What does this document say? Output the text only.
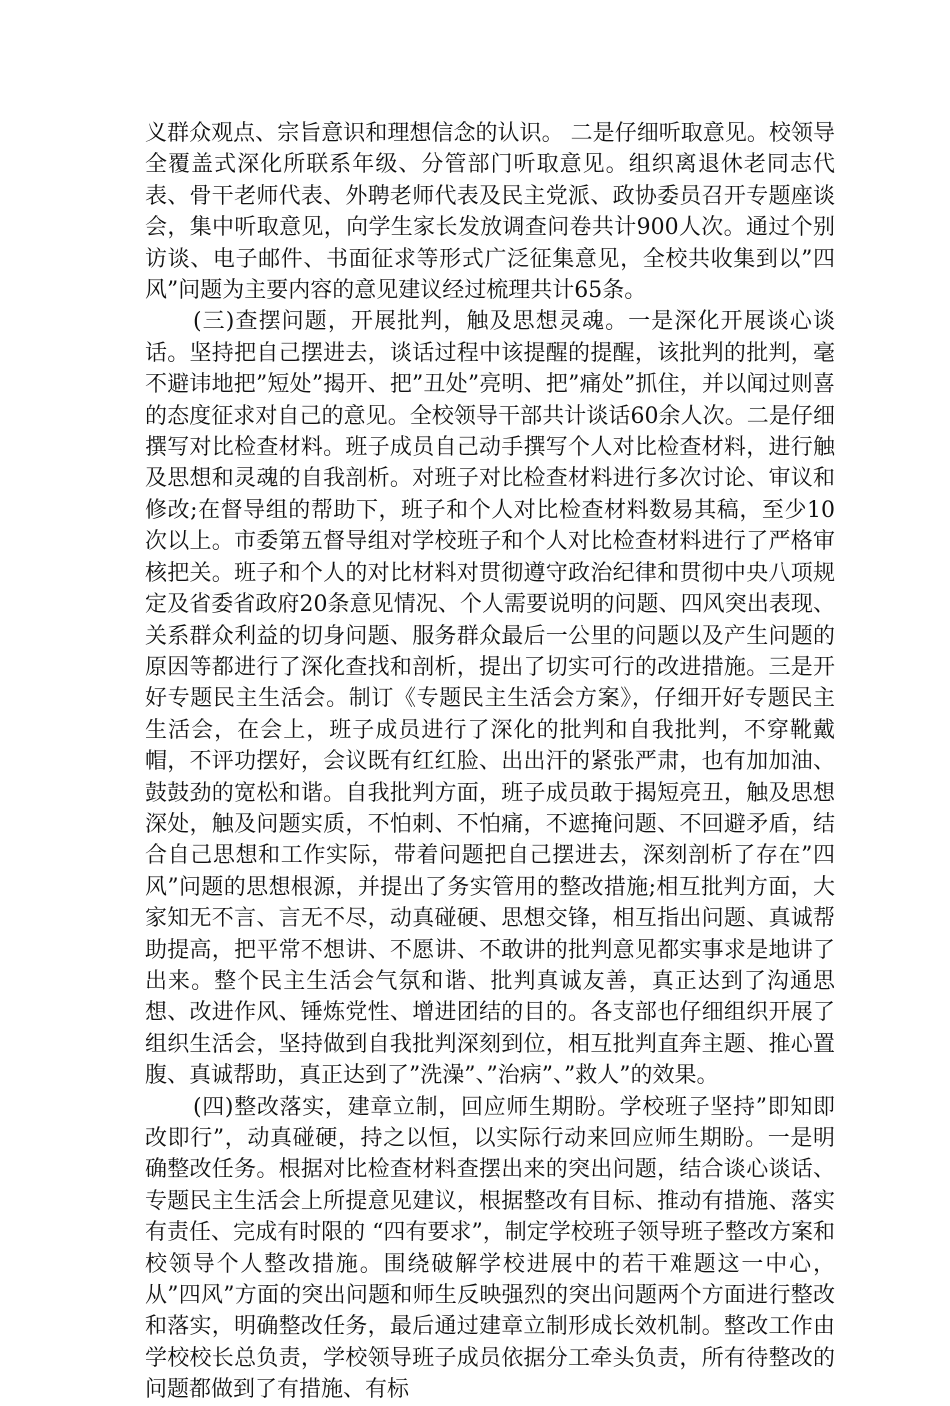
义群众观点、宗旨意识和理想信念的认识。 二是仔细听取意见。校领导全覆盖式深化所联系年级、分管部门听取意见。组织离退休老同志代表、骨干老师代表、外聘老师代表及民主党派、政协委员召开专题座谈会，集中听取意见，向学生家长发放调查问卷共计900人次。通过个别访谈、电子邮件、书面征求等形式广泛征集意见，全校共收集到以”四风”问题为主要内容的意见建议经过梳理共计65条。

(三)查摆问题，开展批判，触及思想灵魂。一是深化开展谈心谈话。坚持把自己摆进去，谈话过程中该提醒的提醒，该批判的批判，毫不避讳地把”短处”揭开、把”丑处”亮明、把”痛处”抓住，并以闻过则喜的态度征求对自己的意见。全校领导干部共计谈话60余人次。二是仔细撰写对比检查材料。班子成员自己动手撰写个人对比检查材料，进行触及思想和灵魂的自我剖析。对班子对比检查材料进行多次讨论、审议和修改;在督导组的帮助下，班子和个人对比检查材料数易其稿，至少10次以上。市委第五督导组对学校班子和个人对比检查材料进行了严格审核把关。班子和个人的对比材料对贯彻遵守政治纪律和贯彻中央八项规定及省委省政府20条意见情况、个人需要说明的问题、四风突出表现、关系群众利益的切身问题、服务群众最后一公里的问题以及产生问题的原因等都进行了深化查找和剖析，提出了切实可行的改进措施。三是开好专题民主生活会。制订《专题民主生活会方案》，仔细开好专题民主生活会，在会上，班子成员进行了深化的批判和自我批判，不穿靴戴帽，不评功摆好，会议既有红红脸、出出汗的紧张严肃，也有加加油、鼓鼓劲的宽松和谐。自我批判方面，班子成员敢于揭短亮丑，触及思想深处，触及问题实质，不怕刺、不怕痛，不遮掩问题、不回避矛盾，结合自己思想和工作实际，带着问题把自己摆进去，深刻剖析了存在”四风”问题的思想根源，并提出了务实管用的整改措施;相互批判方面，大家知无不言、言无不尽，动真碰硬、思想交锋，相互指出问题、真诚帮助提高，把平常不想讲、不愿讲、不敢讲的批判意见都实事求是地讲了出来。整个民主生活会气氛和谐、批判真诚友善，真正达到了沟通思想、改进作风、锤炼党性、增进团结的目的。各支部也仔细组织开展了组织生活会，坚持做到自我批判深刻到位，相互批判直奔主题、推心置腹、真诚帮助，真正达到了”洗澡”、”治病”、”救人”的效果。

(四)整改落实，建章立制，回应师生期盼。学校班子坚持”即知即改即行”，动真碰硬，持之以恒，以实际行动来回应师生期盼。一是明确整改任务。根据对比检查材料查摆出来的突出问题，结合谈心谈话、专题民主生活会上所提意见建议，根据整改有目标、推动有措施、落实有责任、完成有时限的 “四有要求”，制定学校班子领导班子整改方案和校领导个人整改措施。围绕破解学校进展中的若干难题这一中心，从”四风”方面的突出问题和师生反映强烈的突出问题两个方面进行整改和落实，明确整改任务，最后通过建章立制形成长效机制。整改工作由学校校长总负责，学校领导班子成员依据分工牵头负责，所有待整改的问题都做到了有措施、有标
